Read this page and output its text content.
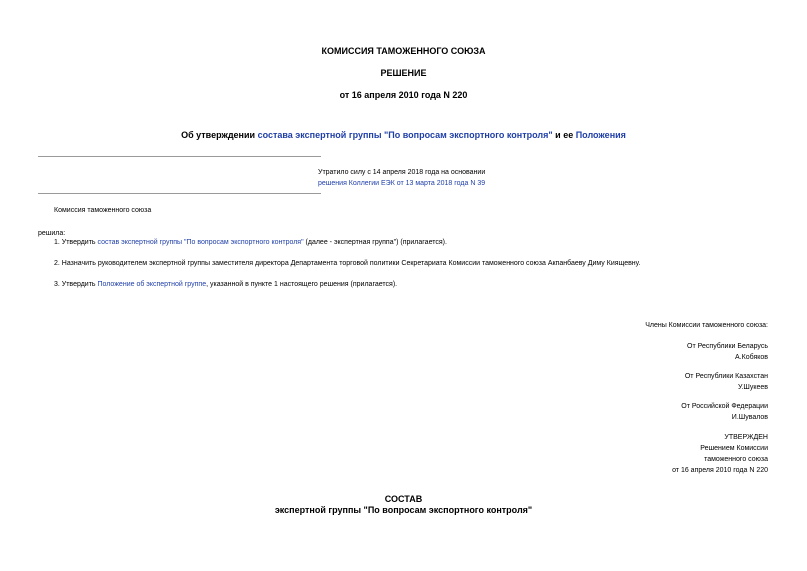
КОМИССИЯ ТАМОЖЕННОГО СОЮЗА
РЕШЕНИЕ
от 16 апреля 2010 года N 220
Об утверждении состава экспертной группы "По вопросам экспортного контроля" и ее Положения
Утратило силу с 14 апреля 2018 года на основании
решения Коллегии ЕЭК от 13 марта 2018 года N 39
Комиссия таможенного союза
решила:
1. Утвердить состав экспертной группы "По вопросам экспортного контроля" (далее - экспертная группа") (прилагается).
2. Назначить руководителем экспертной группы заместителя директора Департамента торговой политики Секретариата Комиссии таможенного союза Акпанбаеву Диму Киящевну.
3. Утвердить Положение об экспертной группе, указанной в пункте 1 настоящего решения (прилагается).
Члены Комиссии таможенного союза:
От Республики Беларусь
А.Кобяков
От Республики Казахстан
У.Шукеев
От Российской Федерации
И.Шувалов
УТВЕРЖДЕН
Решением Комиссии
таможенного союза
от 16 апреля 2010 года N 220
СОСТАВ
экспертной группы "По вопросам экспортного контроля"
